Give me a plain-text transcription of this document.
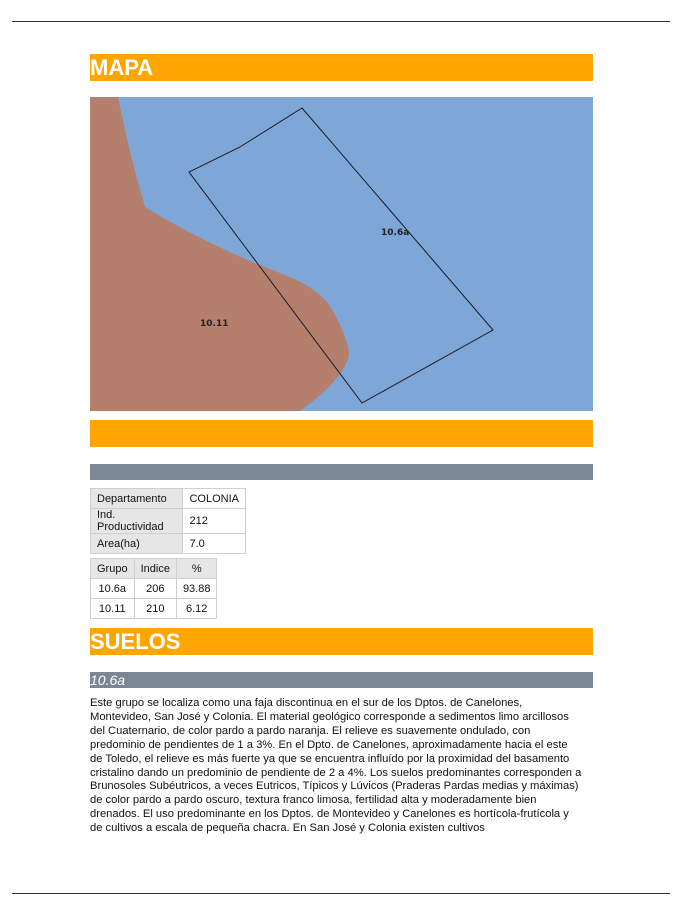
MAPA
10.6a
10.11
Departamento	COLONIA
Ind. Productividad	212
Area(ha)	7.0
Grupo	Indice	%
10.6a	206	93.88
10.11	210	6.12
SUELOS
10.6a
Este grupo se localiza como una faja discontinua en el sur de los Dptos. de Canelones,
Montevideo, San José y Colonia. El material geológico corresponde a sedimentos limo arcillosos
del Cuaternario, de color pardo a pardo naranja. El relieve es suavemente ondulado, con
predominio de pendientes de 1 a 3%. En el Dpto. de Canelones, aproximadamente hacia el este
de Toledo, el relieve es más fuerte ya que se encuentra influído por la proximidad del basamento
cristalino dando un predominio de pendiente de 2 a 4%. Los suelos predominantes corresponden a
Brunosoles Subéutricos, a veces Eutricos, Típicos y Lúvicos (Praderas Pardas medias y máximas)
de color pardo a pardo oscuro, textura franco limosa, fertilidad alta y moderadamente bien
drenados. El uso predominante en los Dptos. de Montevideo y Canelones es hortícola-frutícola y
de cultivos a escala de pequeña chacra. En San José y Colonia existen cultivos
